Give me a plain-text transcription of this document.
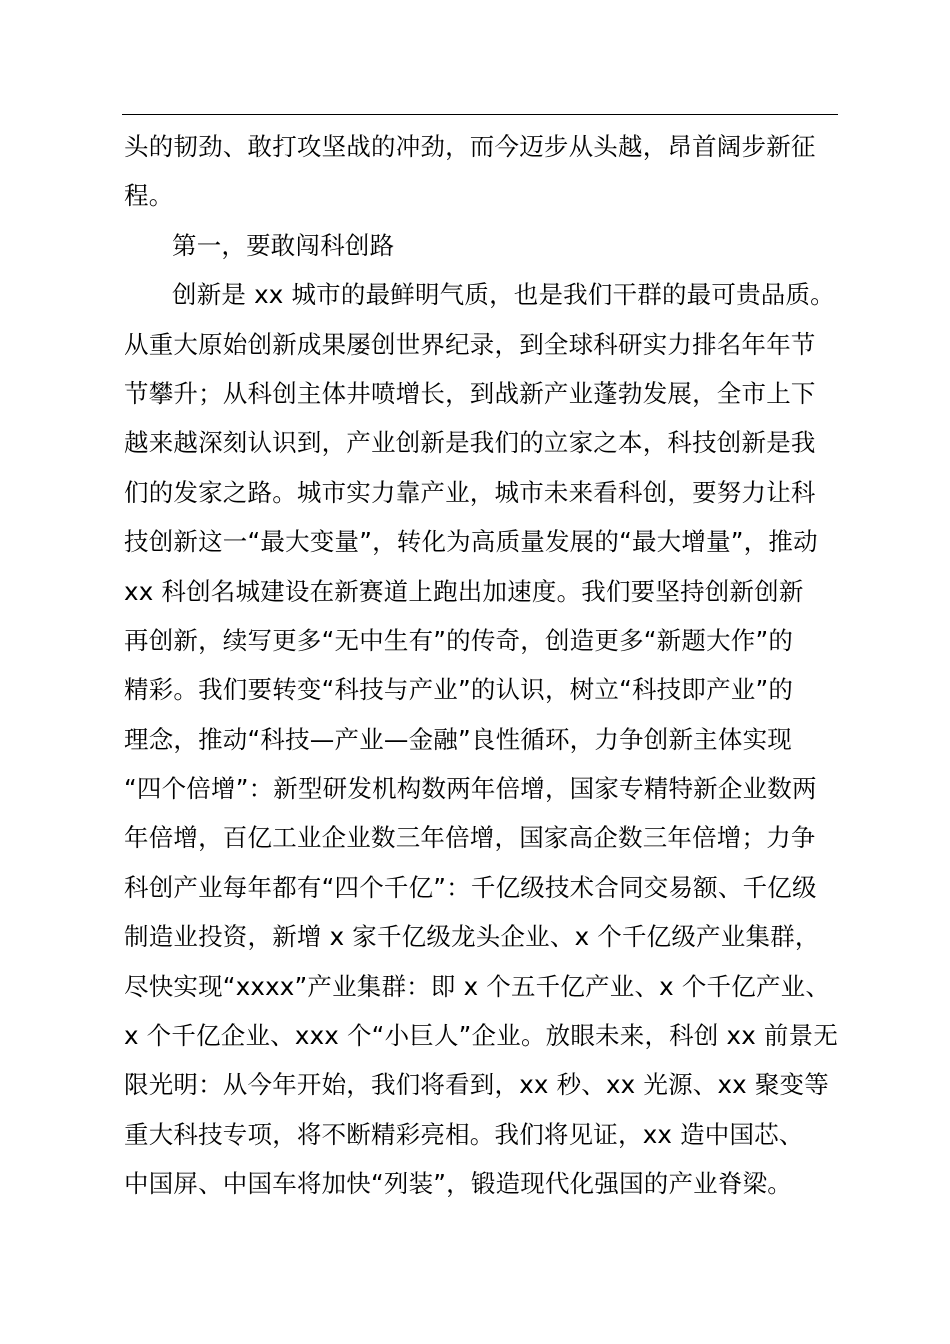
头的韧劲、敢打攻坚战的冲劲，而今迈步从头越，昂首阔步新征
程。
第一，要敢闯科创路
创新是 xx 城市的最鲜明气质，也是我们干群的最可贵品质。
从重大原始创新成果屡创世界纪录，到全球科研实力排名年年节
节攀升；从科创主体井喷增长，到战新产业蓬勃发展，全市上下
越来越深刻认识到，产业创新是我们的立家之本，科技创新是我
们的发家之路。城市实力靠产业，城市未来看科创，要努力让科
技创新这一“最大变量”，转化为高质量发展的“最大增量”，推动
xx 科创名城建设在新赛道上跑出加速度。我们要坚持创新创新
再创新，续写更多“无中生有”的传奇，创造更多“新题大作”的
精彩。我们要转变“科技与产业”的认识，树立“科技即产业”的
理念，推动“科技—产业—金融”良性循环，力争创新主体实现
“四个倍增”：新型研发机构数两年倍增，国家专精特新企业数两
年倍增，百亿工业企业数三年倍增，国家高企数三年倍增；力争
科创产业每年都有“四个千亿”：千亿级技术合同交易额、千亿级
制造业投资，新增 x 家千亿级龙头企业、x 个千亿级产业集群，
尽快实现“xxxx”产业集群：即 x 个五千亿产业、x 个千亿产业、
x 个千亿企业、xxx 个“小巨人”企业。放眼未来，科创 xx 前景无
限光明：从今年开始，我们将看到，xx 秒、xx 光源、xx 聚变等
重大科技专项，将不断精彩亮相。我们将见证，xx 造中国芯、
中国屏、中国车将加快“列装”，锻造现代化强国的产业脊梁。
